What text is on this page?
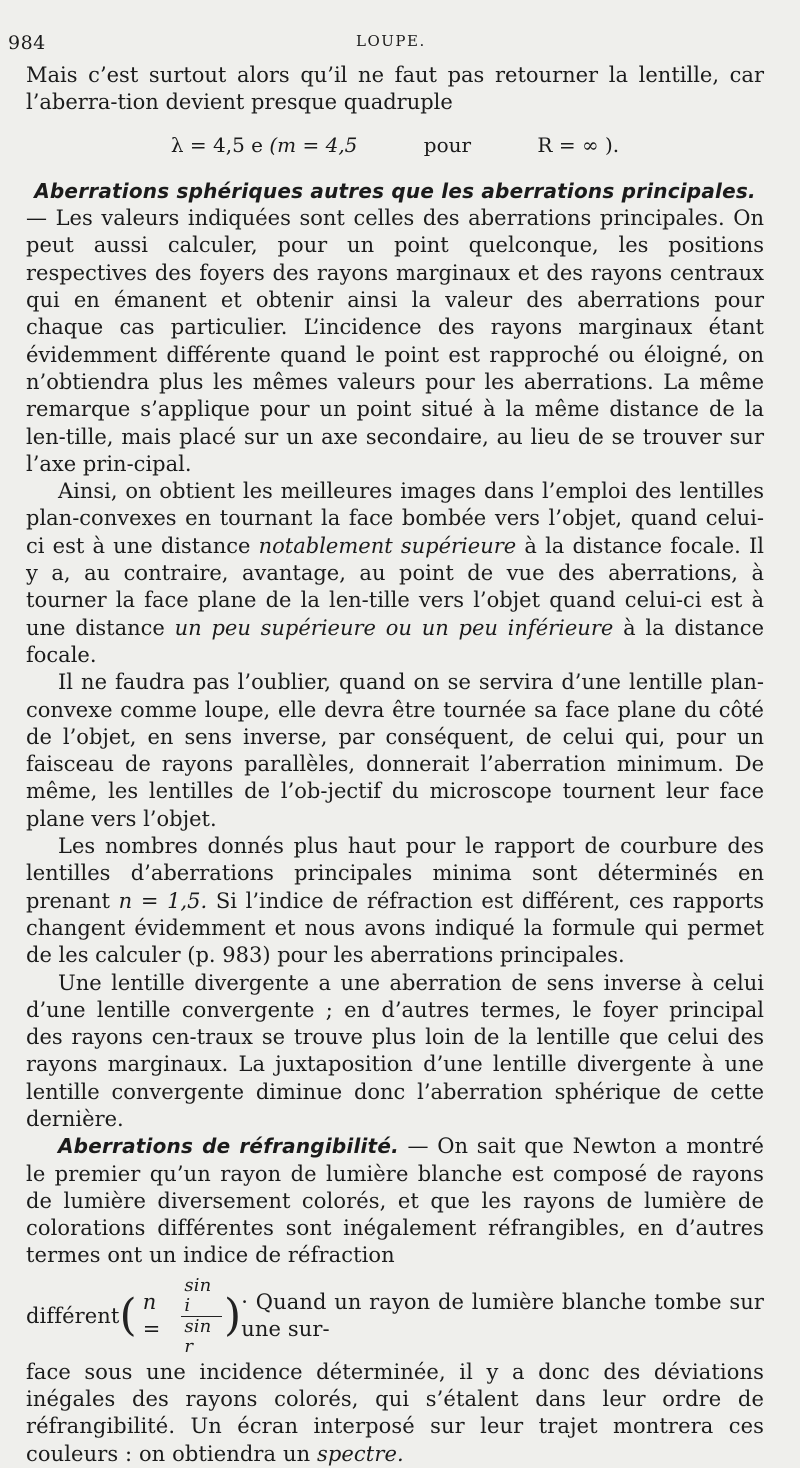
984	LOUPE.

Mais c’est surtout alors qu’il ne faut pas retourner la lentille, car l’aberra-tion devient presque quadruple

λ = 4,5 e (m = 4,5	pour	R = ∞ ).

Aberrations sphériques autres que les aberrations principales.

— Les valeurs indiquées sont celles des aberrations principales. On peut aussi calculer, pour un point quelconque, les positions respectives des foyers des rayons marginaux et des rayons centraux qui en émanent et obtenir ainsi la valeur des aberrations pour chaque cas particulier. L’incidence des rayons marginaux étant évidemment différente quand le point est rapproché ou éloigné, on n’obtiendra plus les mêmes valeurs pour les aberrations. La même remarque s’applique pour un point situé à la même distance de la len-tille, mais placé sur un axe secondaire, au lieu de se trouver sur l’axe prin-cipal.

Ainsi, on obtient les meilleures images dans l’emploi des lentilles plan-convexes en tournant la face bombée vers l’objet, quand celui-ci est à une distance notablement supérieure à la distance focale. Il y a, au contraire, avantage, au point de vue des aberrations, à tourner la face plane de la len-tille vers l’objet quand celui-ci est à une distance un peu supérieure ou un peu inférieure à la distance focale.

Il ne faudra pas l’oublier, quand on se servira d’une lentille plan-convexe comme loupe, elle devra être tournée sa face plane du côté de l’objet, en sens inverse, par conséquent, de celui qui, pour un faisceau de rayons parallèles, donnerait l’aberration minimum. De même, les lentilles de l’ob-jectif du microscope tournent leur face plane vers l’objet.

Les nombres donnés plus haut pour le rapport de courbure des lentilles d’aberrations principales minima sont déterminés en prenant n = 1,5. Si l’indice de réfraction est différent, ces rapports changent évidemment et nous avons indiqué la formule qui permet de les calculer (p. 983) pour les aberrations principales.

Une lentille divergente a une aberration de sens inverse à celui d’une lentille convergente ; en d’autres termes, le foyer principal des rayons cen-traux se trouve plus loin de la lentille que celui des rayons marginaux. La juxtaposition d’une lentille divergente à une lentille convergente diminue donc l’aberration sphérique de cette dernière.

Aberrations de réfrangibilité. — On sait que Newton a montré le premier qu’un rayon de lumière blanche est composé de rayons de lumière diversement colorés, et que les rayons de lumière de colorations différentes sont inégalement réfrangibles, en d’autres termes ont un indice de réfraction

différent ( n =	$\frac{\text{sin i}}{\text{sin r}}$ ) · Quand un rayon de lumière blanche tombe sur une sur-

face sous une incidence déterminée, il y a donc des déviations inégales des rayons colorés, qui s’étalent dans leur ordre de réfrangibilité. Un écran interposé sur leur trajet montrera ces couleurs : on obtiendra un spectre.
